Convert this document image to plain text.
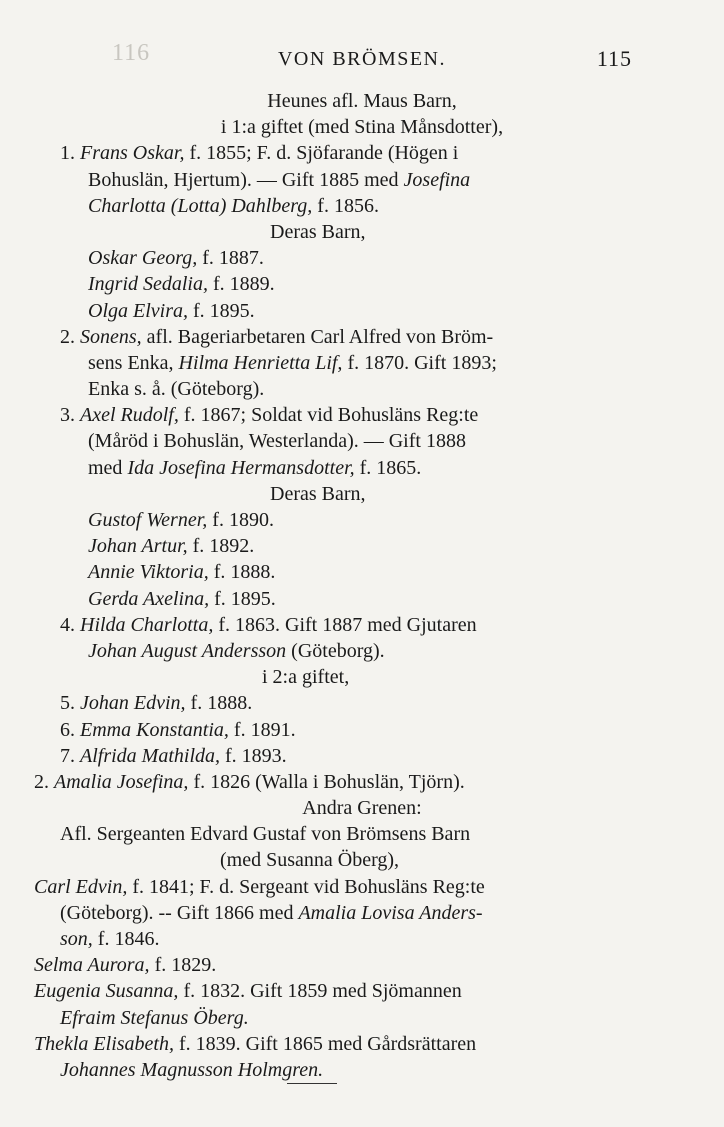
116	VON BRÖMSEN.	115
Heunes afl. Maus Barn,
i 1:a giftet (med Stina Månsdotter),
1. Frans Oskar, f. 1855; F. d. Sjöfarande (Högen i
Bohuslän, Hjertum). — Gift 1885 med Josefina
Charlotta (Lotta) Dahlberg, f. 1856.
Deras Barn,
Oskar Georg, f. 1887.
Ingrid Sedalia, f. 1889.
Olga Elvira, f. 1895.
2. Sonens, afl. Bageriarbetaren Carl Alfred von Bröm-
sens Enka, Hilma Henrietta Lif, f. 1870. Gift 1893;
Enka s. å. (Göteborg).
3. Axel Rudolf, f. 1867; Soldat vid Bohusläns Reg:te
(Måröd i Bohuslän, Westerlanda). — Gift 1888
med Ida Josefina Hermansdotter, f. 1865.
Deras Barn,
Gustof Werner, f. 1890.
Johan Artur, f. 1892.
Annie Viktoria, f. 1888.
Gerda Axelina, f. 1895.
4. Hilda Charlotta, f. 1863. Gift 1887 med Gjutaren
Johan August Andersson (Göteborg).
i 2:a giftet,
5. Johan Edvin, f. 1888.
6. Emma Konstantia, f. 1891.
7. Alfrida Mathilda, f. 1893.
2. Amalia Josefina, f. 1826 (Walla i Bohuslän, Tjörn).
Andra Grenen:
Afl. Sergeanten Edvard Gustaf von Brömsens Barn
(med Susanna Öberg),
Carl Edvin, f. 1841; F. d. Sergeant vid Bohusläns Reg:te
(Göteborg). -- Gift 1866 med Amalia Lovisa Anders-
son, f. 1846.
Selma Aurora, f. 1829.
Eugenia Susanna, f. 1832. Gift 1859 med Sjömannen
Efraim Stefanus Öberg.
Thekla Elisabeth, f. 1839. Gift 1865 med Gårdsrättaren
Johannes Magnusson Holmgren.
